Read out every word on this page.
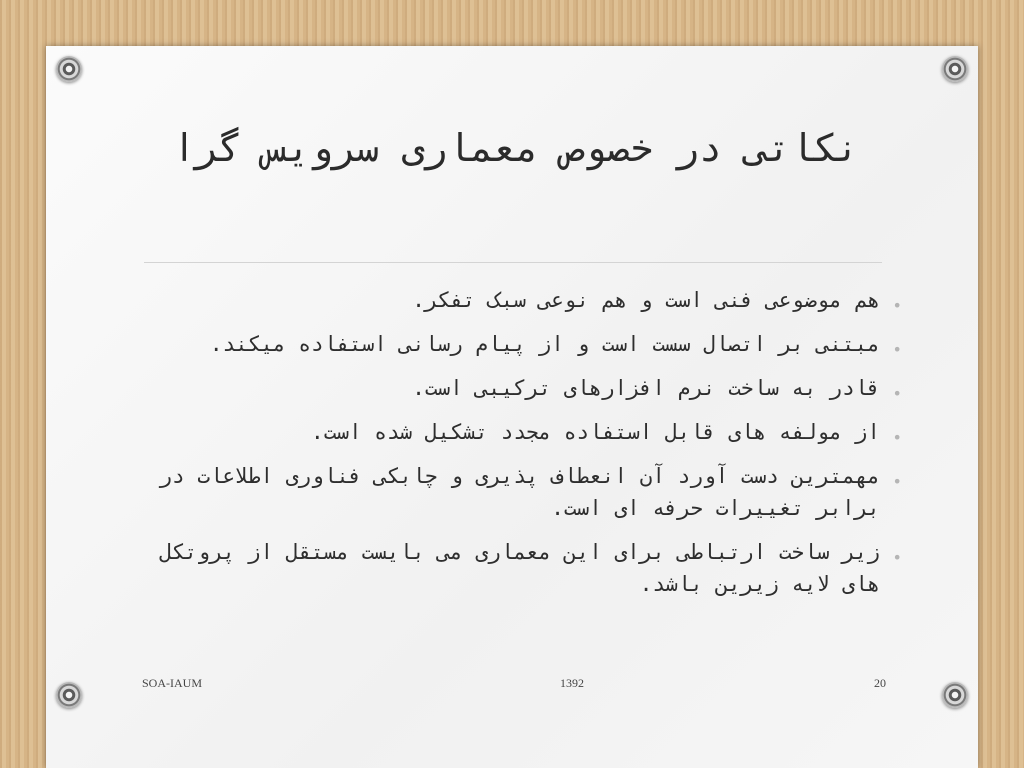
نکاتی در خصوص معماری سرویس گرا
•
هم موضوعی فنی است و هم نوعی سبک تفکر.
•
مبتنی بر اتصال سست است و از پیام رسانی استفاده میکند.
•
قادر به ساخت نرم افزارهای ترکیبی است.
•
از مولفه های قابل استفاده مجدد تشکیل شده است.
•
مهمترین دست آورد آن انعطاف پذیری و چابکی فناوری اطلاعات در برابر تغییرات حرفه ای است.
•
زیر ساخت ارتباطی برای این معماری می بایست مستقل از پروتکل های لایه زیرین باشد.
SOA-IAUM	1392	20
